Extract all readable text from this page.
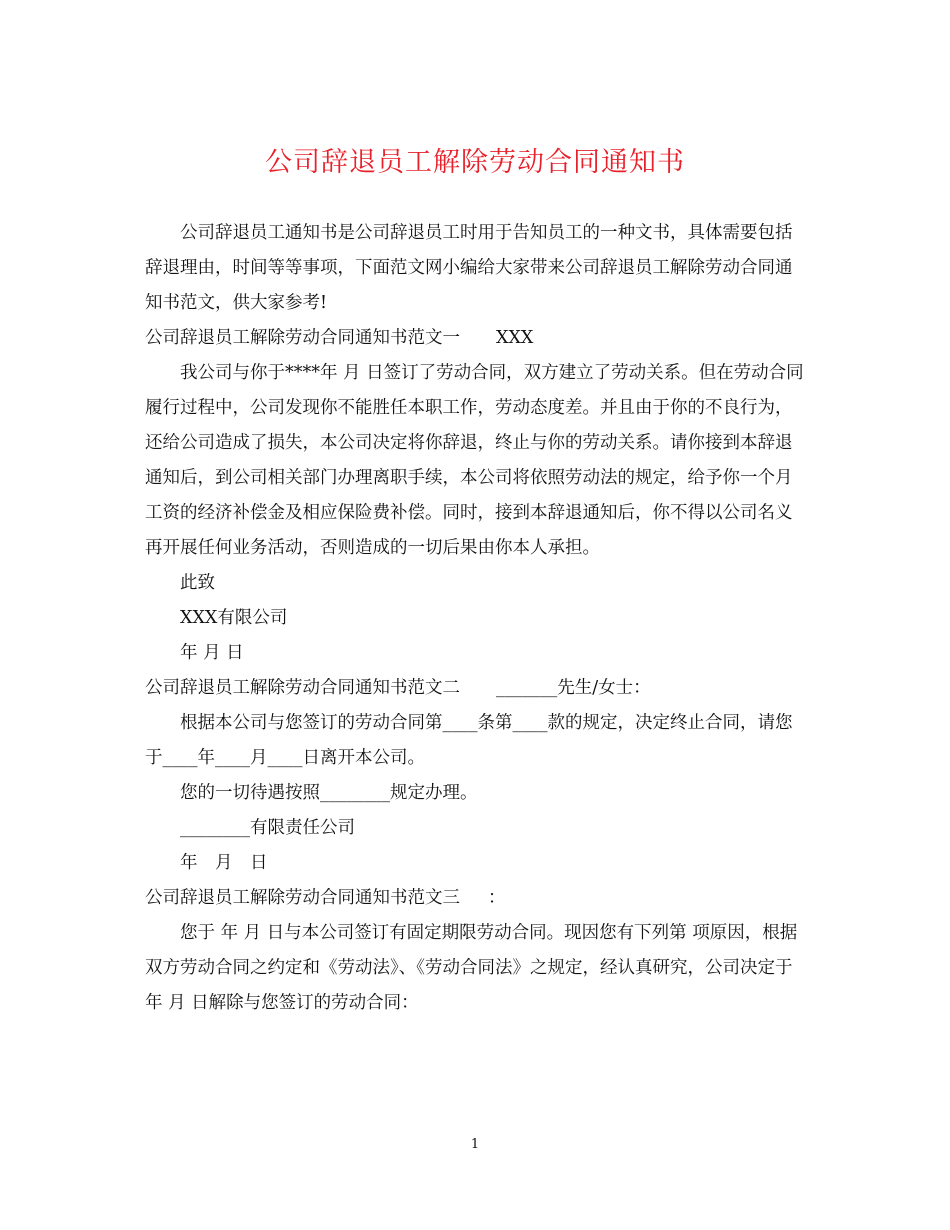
公司辞退员工解除劳动合同通知书

公司辞退员工通知书是公司辞退员工时用于告知员工的一种文书，具体需要包括辞退理由，时间等等事项，下面范文网小编给大家带来公司辞退员工解除劳动合同通知书范文，供大家参考!

公司辞退员工解除劳动合同通知书范文一 XXX

我公司与你于****年 月 日签订了劳动合同，双方建立了劳动关系。但在劳动合同履行过程中，公司发现你不能胜任本职工作，劳动态度差。并且由于你的不良行为，还给公司造成了损失，本公司决定将你辞退，终止与你的劳动关系。请你接到本辞退通知后，到公司相关部门办理离职手续，本公司将依照劳动法的规定，给予你一个月工资的经济补偿金及相应保险费补偿。同时，接到本辞退通知后，你不得以公司名义再开展任何业务活动，否则造成的一切后果由你本人承担。

此致

XXX有限公司

年 月 日

公司辞退员工解除劳动合同通知书范文二 _______先生/女士：

根据本公司与您签订的劳动合同第____条第____款的规定，决定终止合同，请您于____年____月____日离开本公司。

您的一切待遇按照________规定办理。

________有限责任公司

年　月　日

公司辞退员工解除劳动合同通知书范文三 ：

您于 年 月 日与本公司签订有固定期限劳动合同。现因您有下列第 项原因，根据双方劳动合同之约定和《劳动法》、《劳动合同法》之规定，经认真研究，公司决定于 年 月 日解除与您签订的劳动合同：

1
